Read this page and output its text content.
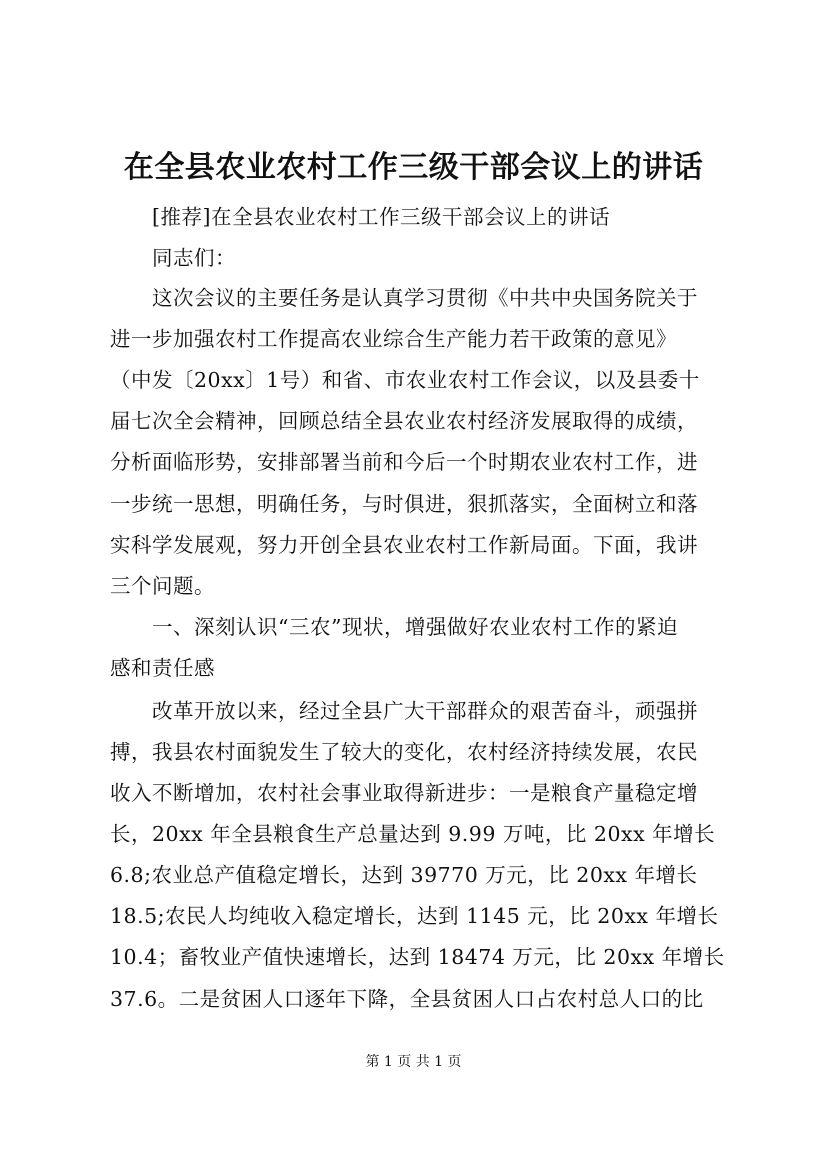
在全县农业农村工作三级干部会议上的讲话
[推荐]在全县农业农村工作三级干部会议上的讲话
同志们：
这次会议的主要任务是认真学习贯彻《中共中央国务院关于
进一步加强农村工作提高农业综合生产能力若干政策的意见》
（中发〔20xx〕1号）和省、市农业农村工作会议，以及县委十
届七次全会精神，回顾总结全县农业农村经济发展取得的成绩，
分析面临形势，安排部署当前和今后一个时期农业农村工作，进
一步统一思想，明确任务，与时俱进，狠抓落实，全面树立和落
实科学发展观，努力开创全县农业农村工作新局面。下面，我讲
三个问题。
一、深刻认识“三农”现状，增强做好农业农村工作的紧迫
感和责任感
改革开放以来，经过全县广大干部群众的艰苦奋斗，顽强拼
搏，我县农村面貌发生了较大的变化，农村经济持续发展，农民
收入不断增加，农村社会事业取得新进步：一是粮食产量稳定增
长，20xx 年全县粮食生产总量达到 9.99 万吨，比 20xx 年增长
6.8;农业总产值稳定增长，达到 39770 万元，比 20xx 年增长
18.5;农民人均纯收入稳定增长，达到 1145 元，比 20xx 年增长
10.4；畜牧业产值快速增长，达到 18474 万元，比 20xx 年增长
37.6。二是贫困人口逐年下降，全县贫困人口占农村总人口的比
第 1 页 共 1 页
